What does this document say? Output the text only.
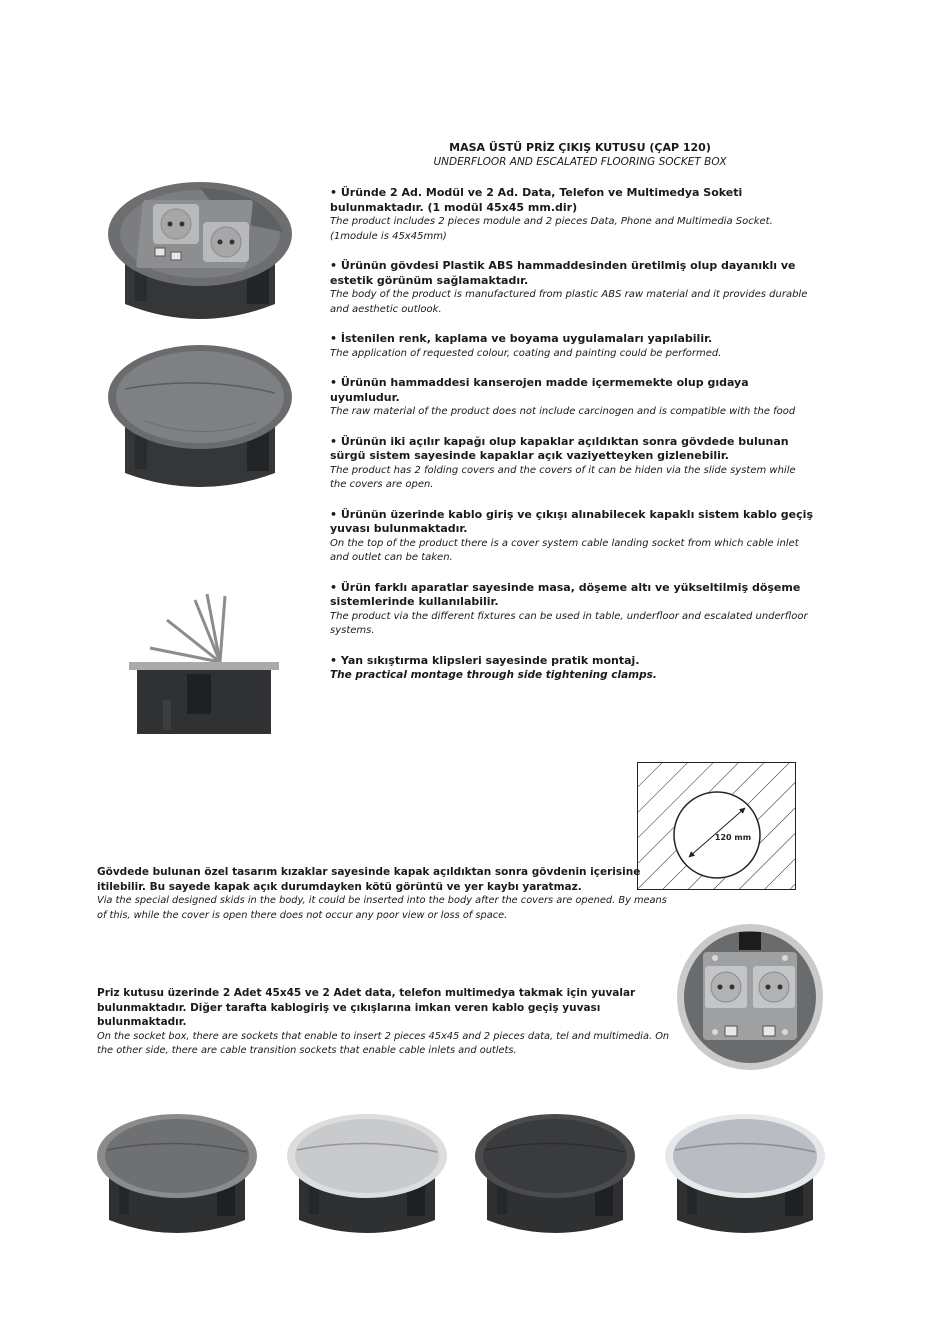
MASA ÜSTÜ PRİZ ÇIKIŞ KUTUSU (ÇAP 120)
UNDERFLOOR AND ESCALATED FLOORING SOCKET BOX
• Üründe 2 Ad. Modül ve 2 Ad. Data, Telefon ve Multimedya Soketi bulunmaktadır. (1 modül 45x45 mm.dir)
The product includes 2 pieces module and 2 pieces Data, Phone and Multimedia Socket. (1module is 45x45mm)
• Ürünün gövdesi Plastik ABS hammaddesinden üretilmiş olup dayanıklı ve estetik görünüm sağlamaktadır.
The body of the product is manufactured from plastic ABS raw material and it provides durable and aesthetic outlook.
• İstenilen renk, kaplama ve boyama uygulamaları yapılabilir.
The application of requested colour, coating and painting could be performed.
• Ürünün hammaddesi kanserojen madde içermemekte olup gıdaya uyumludur.
The raw material of the product does not include carcinogen and is compatible with the food
• Ürünün iki açılır kapağı olup kapaklar açıldıktan sonra gövdede bulunan sürgü sistem sayesinde kapaklar açık vaziyetteyken gizlenebilir.
The product has 2 folding covers and the covers of it can be hiden via the slide system while the covers are open.
• Ürünün üzerinde kablo giriş ve çıkışı alınabilecek kapaklı sistem kablo geçiş yuvası bulunmaktadır.
On the top of the product there is a cover system cable landing socket from which cable inlet and outlet can be taken.
• Ürün farklı aparatlar sayesinde masa, döşeme altı ve yükseltilmiş döşeme sistemlerinde kullanılabilir.
The product via the different fixtures can be used in table, underfloor and escalated underfloor systems.
• Yan sıkıştırma klipsleri sayesinde pratik montaj.
The practical montage through side tightening clamps.
120 mm
Gövdede bulunan özel tasarım kızaklar sayesinde kapak açıldıktan sonra gövdenin içerisine itilebilir. Bu sayede kapak açık durumdayken kötü görüntü ve yer kaybı yaratmaz.
Via the special designed skids in the body, it could be inserted into the body after the covers are opened. By means of this, while the cover is open there does not occur any poor view or loss of space.
Priz kutusu üzerinde 2 Adet 45x45 ve 2 Adet data, telefon multimedya takmak için yuvalar bulunmaktadır. Diğer tarafta kablogiriş ve çıkışlarına imkan veren kablo geçiş yuvası bulunmaktadır.
On the socket box, there are sockets that enable to insert 2 pieces 45x45 and 2 pieces data, tel and multimedia. On the other side, there are cable transition sockets that enable cable inlets and outlets.
